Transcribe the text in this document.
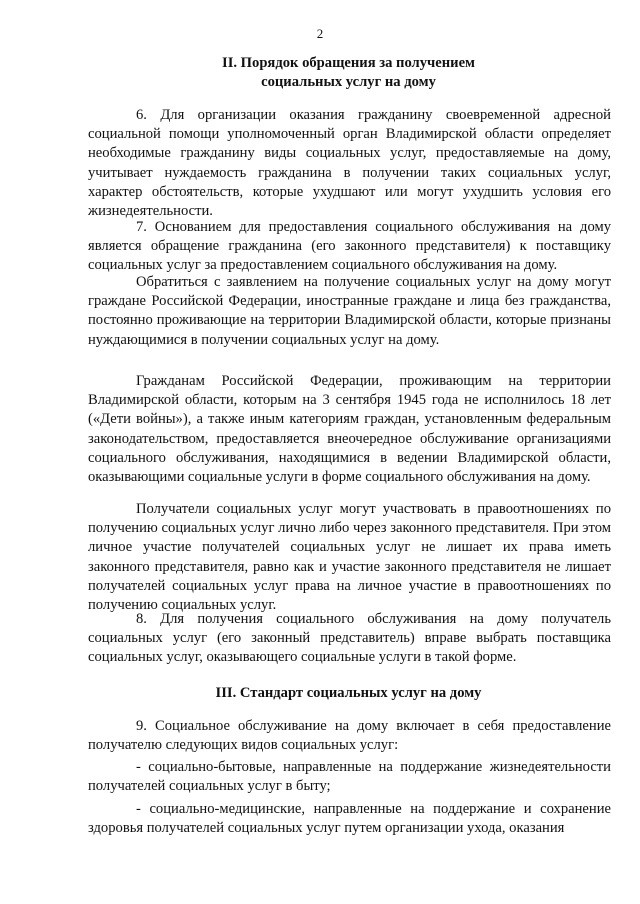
2
II. Порядок обращения за получением
социальных услуг на дому

6. Для организации оказания гражданину своевременной адресной социальной помощи уполномоченный орган Владимирской области определяет необходимые гражданину виды социальных услуг, предоставляемые на дому, учитывает нуждаемость гражданина в получении таких социальных услуг, характер обстоятельств, которые ухудшают или могут ухудшить условия его жизнедеятельности.

7. Основанием для предоставления социального обслуживания на дому является обращение гражданина (его законного представителя) к поставщику социальных услуг за предоставлением социального обслуживания на дому.

Обратиться с заявлением на получение социальных услуг на дому могут граждане Российской Федерации, иностранные граждане и лица без гражданства, постоянно проживающие на территории Владимирской области, которые признаны нуждающимися в получении социальных услуг на дому.

Гражданам Российской Федерации, проживающим на территории Владимирской области, которым на 3 сентября 1945 года не исполнилось 18 лет («Дети войны»), а также иным категориям граждан, установленным федеральным законодательством, предоставляется внеочередное обслуживание организациями социального обслуживания, находящимися в ведении Владимирской области, оказывающими социальные услуги в форме социального обслуживания на дому.

Получатели социальных услуг могут участвовать в правоотношениях по получению социальных услуг лично либо через законного представителя. При этом личное участие получателей социальных услуг не лишает их права иметь законного представителя, равно как и участие законного представителя не лишает получателей социальных услуг права на личное участие в правоотношениях по получению социальных услуг.

8. Для получения социального обслуживания на дому получатель социальных услуг (его законный представитель) вправе выбрать поставщика социальных услуг, оказывающего социальные услуги в такой форме.

III. Стандарт социальных услуг на дому

9. Социальное обслуживание на дому включает в себя предоставление получателю следующих видов социальных услуг:

- социально-бытовые, направленные на поддержание жизнедеятельности получателей социальных услуг в быту;

- социально-медицинские, направленные на поддержание и сохранение здоровья получателей социальных услуг путем организации ухода, оказания
